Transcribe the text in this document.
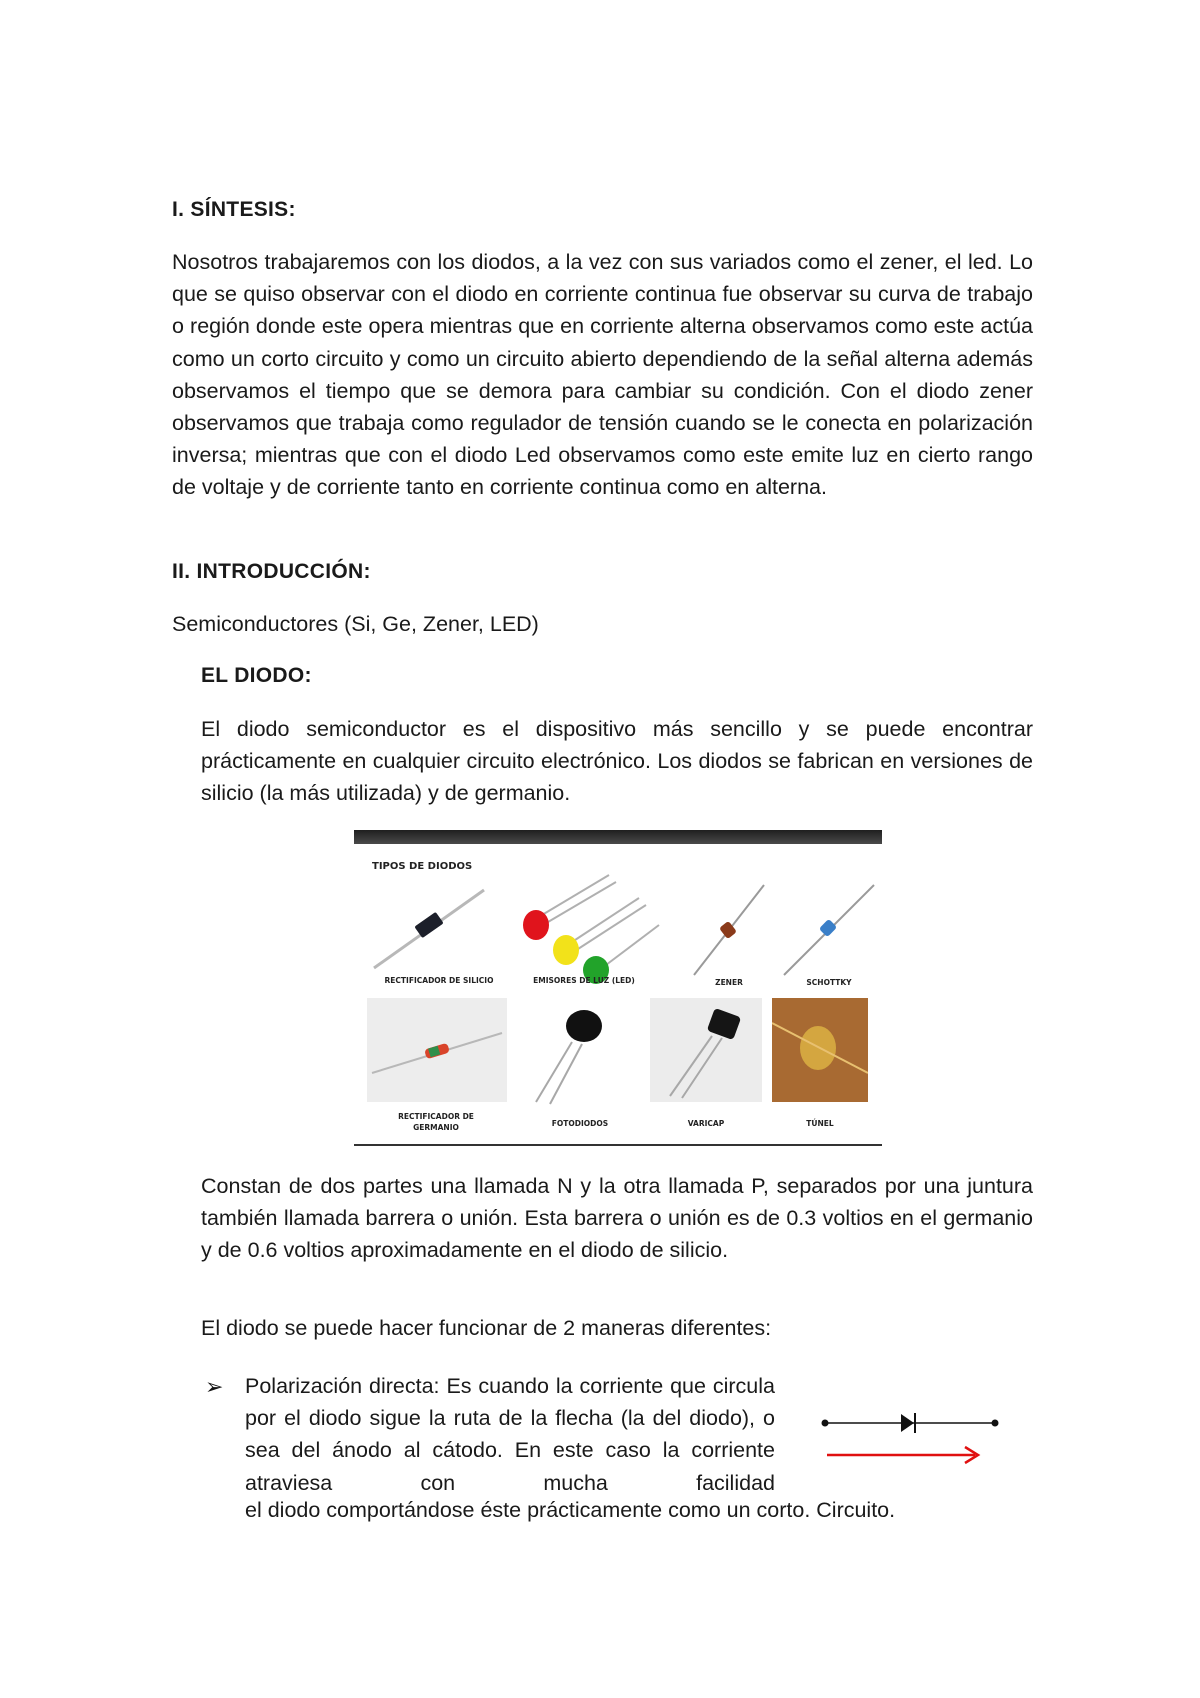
I. SÍNTESIS:
Nosotros trabajaremos con los diodos, a la vez con sus variados como el zener, el led. Lo que se quiso observar con el diodo en corriente continua fue observar su curva de trabajo o región donde este opera mientras que en corriente alterna observamos como este actúa como un corto circuito y como un circuito abierto dependiendo de la señal alterna además observamos el tiempo que se demora para cambiar su condición. Con el diodo zener observamos que trabaja como regulador de tensión cuando se le conecta en polarización inversa; mientras que con el diodo Led observamos como este emite luz en cierto rango de voltaje y de corriente tanto en corriente continua como en alterna.
II. INTRODUCCIÓN:
Semiconductores (Si, Ge, Zener, LED)
EL DIODO:
El diodo semiconductor es el dispositivo más sencillo y se puede encontrar prácticamente en cualquier circuito electrónico. Los diodos se fabrican en versiones de silicio (la más utilizada) y de germanio.
TIPOS DE DIODOS
RECTIFICADOR DE SILICIO	EMISORES DE LUZ (LED)	ZENER	SCHOTTKY
RECTIFICADOR DE
GERMANIO	FOTODIODOS	VARICAP	TÚNEL
Constan de dos partes una llamada N y la otra llamada P, separados por una juntura también llamada barrera o unión. Esta barrera o unión es de 0.3 voltios en el germanio y de 0.6 voltios aproximadamente en el diodo de silicio.
El diodo se puede hacer funcionar de 2 maneras diferentes:
➢ Polarización directa: Es cuando la corriente que circula por el diodo sigue la ruta de la flecha (la del diodo), o sea del ánodo al cátodo. En este caso la corriente atraviesa con mucha facilidad
el diodo comportándose éste prácticamente como un corto. Circuito.
